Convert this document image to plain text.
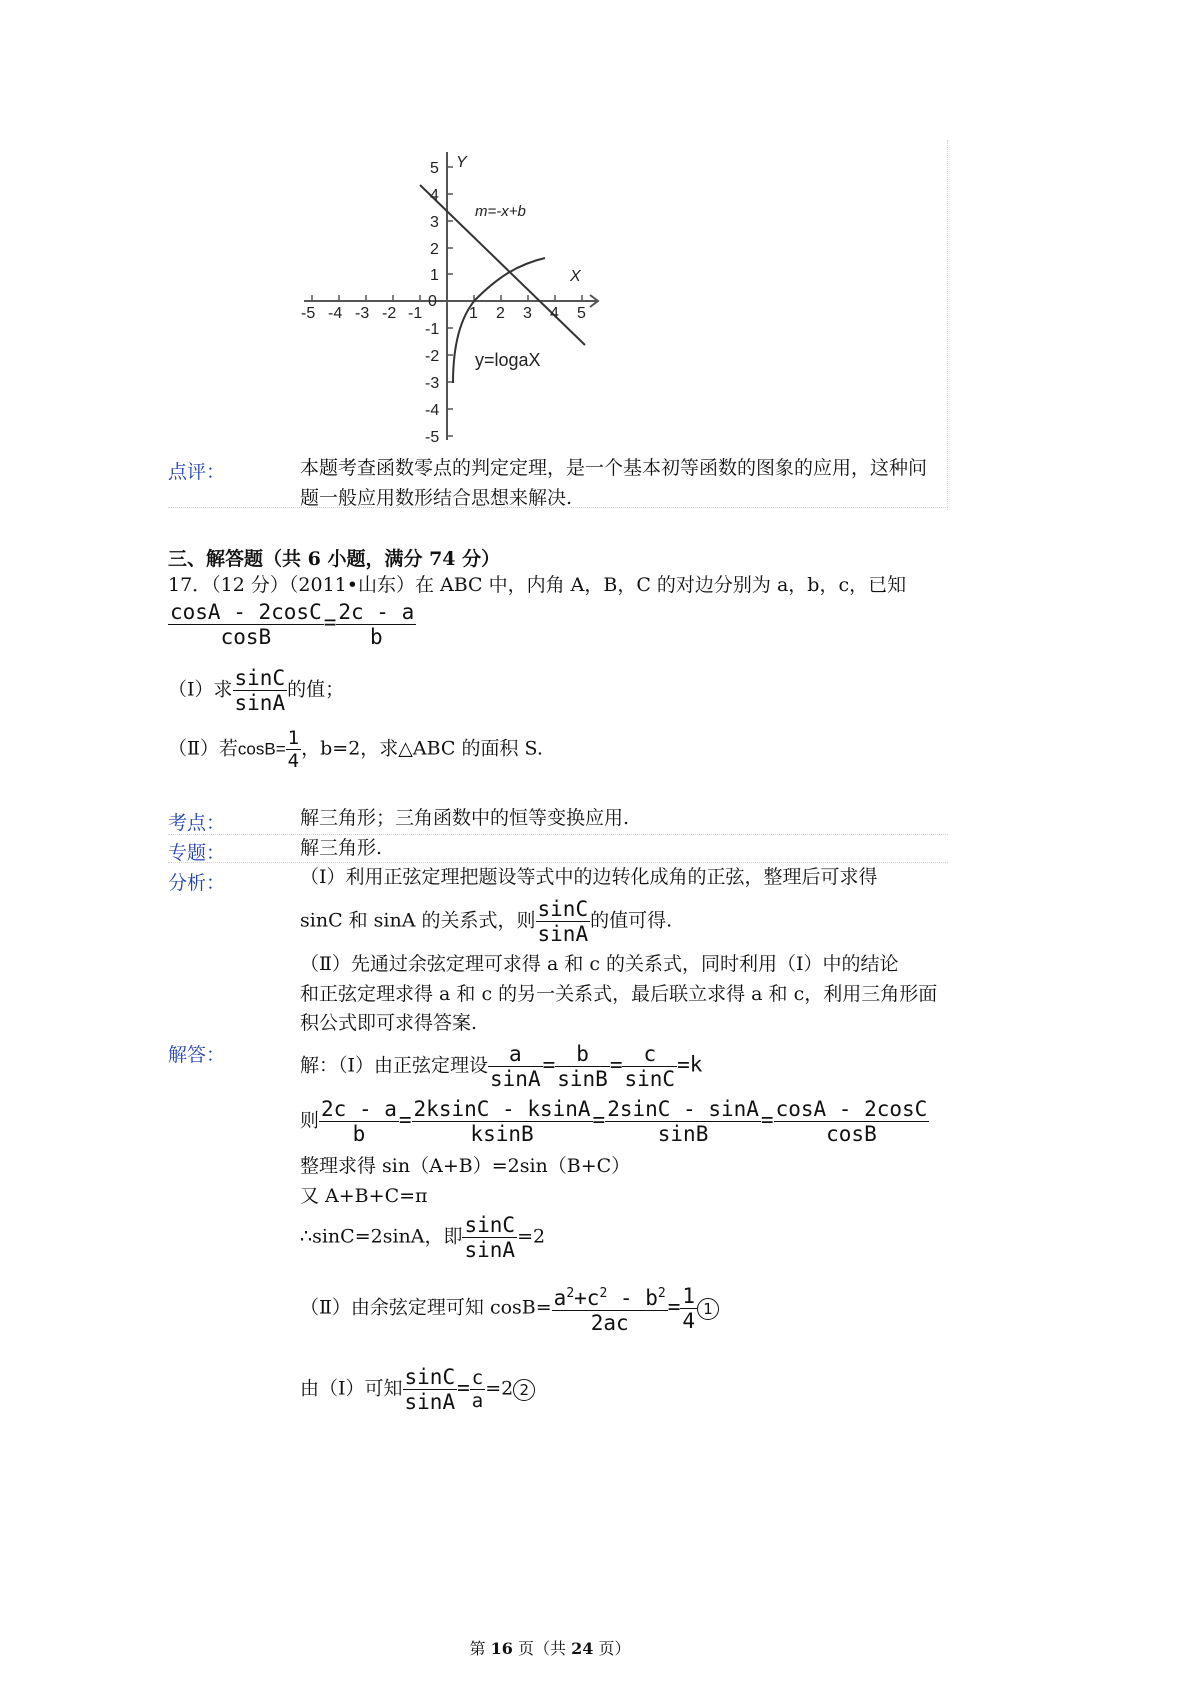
X
Y
-5 -4 -3 -2 -1
0
1 2 3 4 5
5
4
3
2
1
-1
-2
-3
-4
-5
m=-x+b
y=logaX
点评：	本题考查函数零点的判定定理，是一个基本初等函数的图象的应用，这种问
题一般应用数形结合思想来解决.
三、解答题（共 6 小题，满分 74 分）
17．（12 分）（2011•山东）在 ABC 中，内角 A，B，C 的对边分别为 a，b，c，已知
$\frac{\cos A - 2\cos C}{\cos B} = \frac{2c - a}{b}$
（Ⅰ）求 $\frac{\sin C}{\sin A}$ 的值；
（Ⅱ）若$\cos B= \frac{1}{4}$ ，b=2，求△ABC 的面积 S.
考点：	解三角形；三角函数中的恒等变换应用.
专题：	解三角形.
分析：	（Ⅰ）利用正弦定理把题设等式中的边转化成角的正弦，整理后可求得
sinC 和 sinA 的关系式，则 $\frac{\sin C}{\sin A}$ 的值可得.
（Ⅱ）先通过余弦定理可求得 a 和 c 的关系式，同时利用（Ⅰ）中的结论
和正弦定理求得 a 和 c 的另一关系式，最后联立求得 a 和 c，利用三角形面
积公式即可求得答案.
解答：	解：（Ⅰ）由正弦定理设 $\frac{a}{\sin A} = \frac{b}{\sin B} = \frac{c}{\sin C} =k$
则 $\frac{2c - a}{b} = \frac{2ksinC - ksinA}{ksinB} = \frac{2\sin C - \sin A}{\sin B} = \frac{\cos A - 2\cos C}{\cos B}$
整理求得 sin（A+B）=2sin（B+C）
又 A+B+C=π
∴sinC=2sinA，即 $\frac{\sin C}{\sin A} =2$
（Ⅱ）由余弦定理可知 $\cos B= \frac{a^2+c^2 - b^2}{2ac} = \frac{1}{4} 1$
由（Ⅰ）可知 $\frac{\sin C}{\sin A} = \frac{c}{a} =2$ 2
第 16 页（共 24 页）
